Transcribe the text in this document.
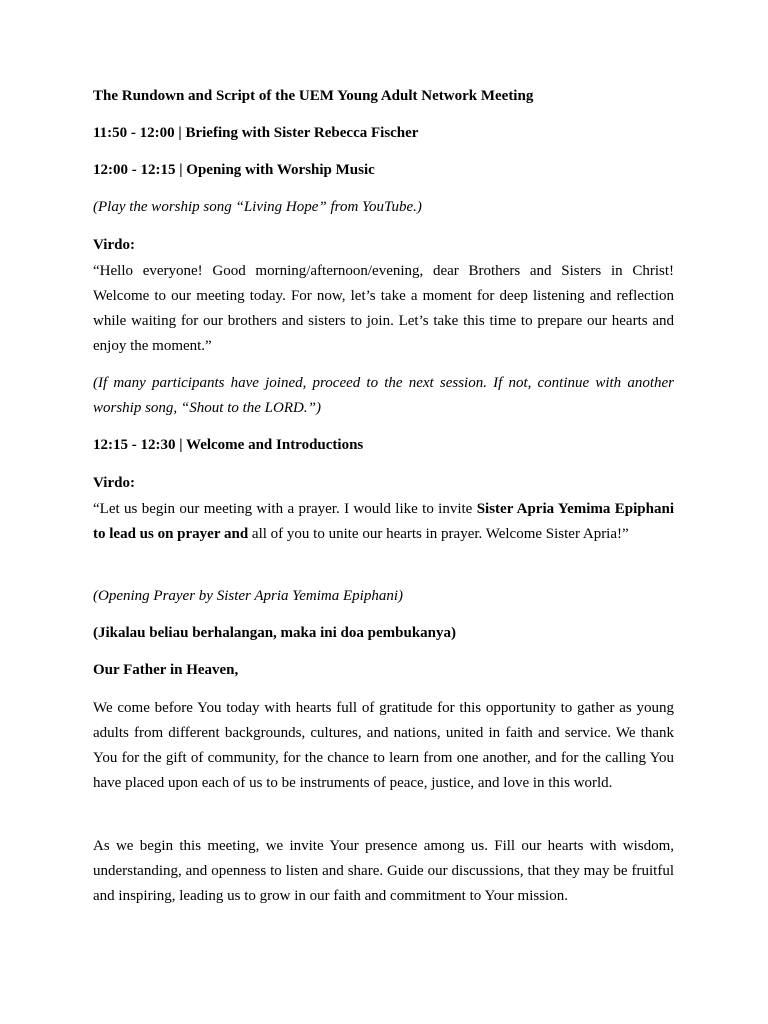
The Rundown and Script of the UEM Young Adult Network Meeting

11:50 - 12:00 | Briefing with Sister Rebecca Fischer

12:00 - 12:15 | Opening with Worship Music

(Play the worship song “Living Hope” from YouTube.)

Virdo:

“Hello everyone! Good morning/afternoon/evening, dear Brothers and Sisters in Christ! Welcome to our meeting today. For now, let’s take a moment for deep listening and reflection while waiting for our brothers and sisters to join. Let’s take this time to prepare our hearts and enjoy the moment.”

(If many participants have joined, proceed to the next session. If not, continue with another worship song, “Shout to the LORD.”)

12:15 - 12:30 | Welcome and Introductions

Virdo:

“Let us begin our meeting with a prayer. I would like to invite Sister Apria Yemima Epiphani to lead us on prayer and all of you to unite our hearts in prayer. Welcome Sister Apria!”

(Opening Prayer by Sister Apria Yemima Epiphani)

(Jikalau beliau berhalangan, maka ini doa pembukanya)

Our Father in Heaven,

We come before You today with hearts full of gratitude for this opportunity to gather as young adults from different backgrounds, cultures, and nations, united in faith and service. We thank You for the gift of community, for the chance to learn from one another, and for the calling You have placed upon each of us to be instruments of peace, justice, and love in this world.

As we begin this meeting, we invite Your presence among us. Fill our hearts with wisdom, understanding, and openness to listen and share. Guide our discussions, that they may be fruitful and inspiring, leading us to grow in our faith and commitment to Your mission.
